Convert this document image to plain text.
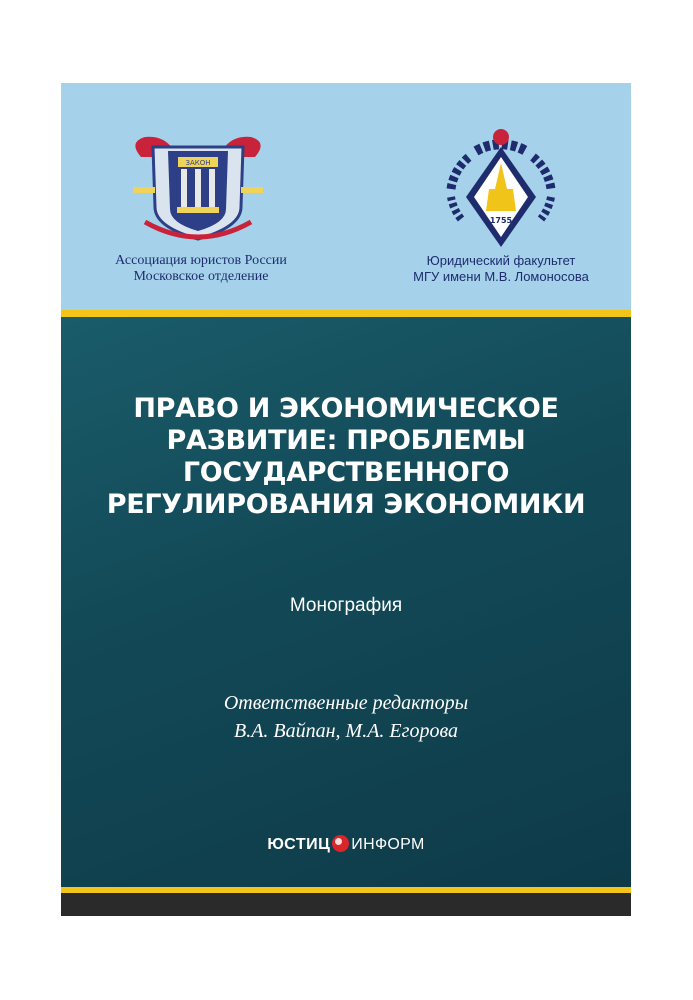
ЗАКОН
1755

Ассоциация юристов России
Московское отделение

Юридический факультет
МГУ имени М.В. Ломоносова

ПРАВО И ЭКОНОМИЧЕСКОЕ
РАЗВИТИЕ: ПРОБЛЕМЫ
ГОСУДАРСТВЕННОГО
РЕГУЛИРОВАНИЯ ЭКОНОМИКИ

Монография

Ответственные редакторы

В.А. Вайпан, М.А. Егорова

ЮСТИЦ ИНФОРМ
